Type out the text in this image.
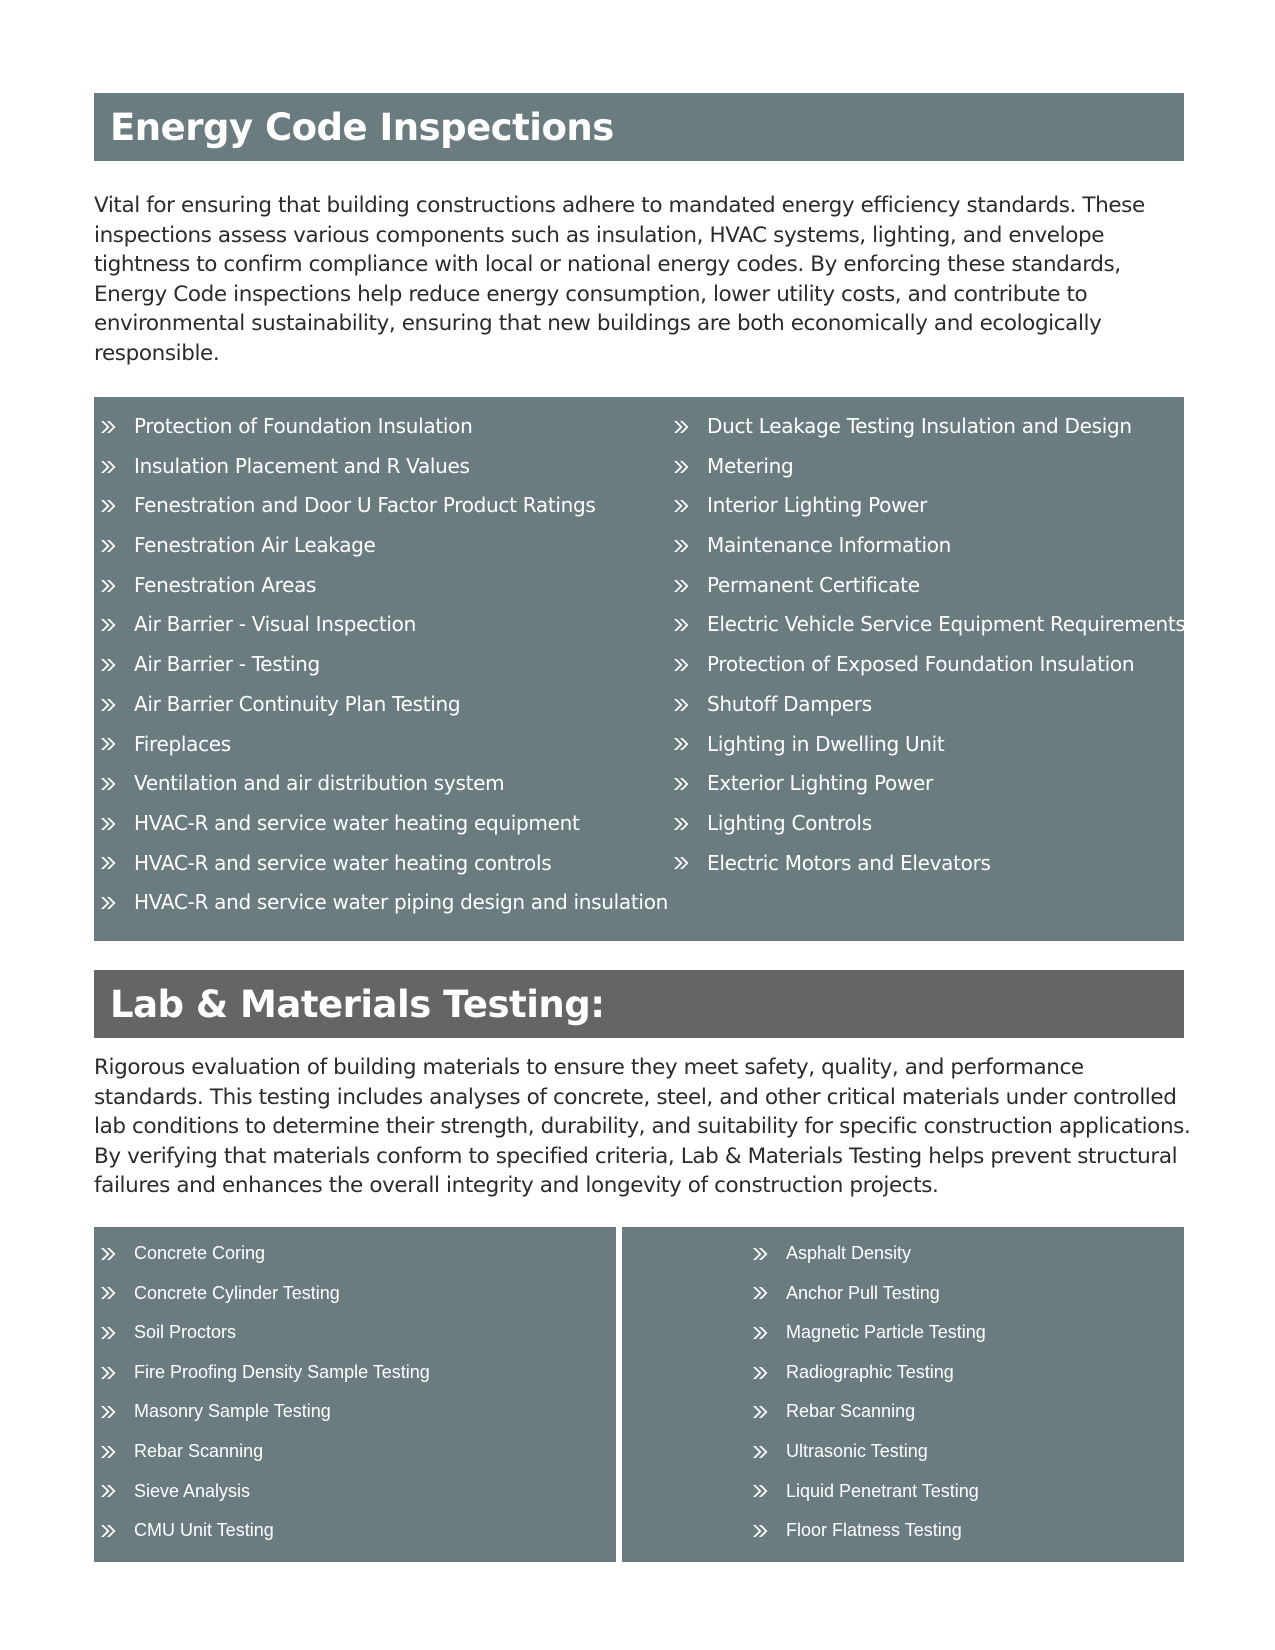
Energy Code Inspections

Vital for ensuring that building constructions adhere to mandated energy efficiency standards. These inspections assess various components such as insulation, HVAC systems, lighting, and envelope tightness to confirm compliance with local or national energy codes. By enforcing these standards, Energy Code inspections help reduce energy consumption, lower utility costs, and contribute to environmental sustainability, ensuring that new buildings are both economically and ecologically responsible.

Protection of Foundation Insulation
Insulation Placement and R Values
Fenestration and Door U Factor Product Ratings
Fenestration Air Leakage
Fenestration Areas
Air Barrier - Visual Inspection
Air Barrier - Testing
Air Barrier Continuity Plan Testing
Fireplaces
Ventilation and air distribution system
HVAC-R and service water heating equipment
HVAC-R and service water heating controls
HVAC-R and service water piping design and insulation
Duct Leakage Testing Insulation and Design
Metering
Interior Lighting Power
Maintenance Information
Permanent Certificate
Electric Vehicle Service Equipment Requirements
Protection of Exposed Foundation Insulation
Shutoff Dampers
Lighting in Dwelling Unit
Exterior Lighting Power
Lighting Controls
Electric Motors and Elevators
Lab & Materials Testing:

Rigorous evaluation of building materials to ensure they meet safety, quality, and performance standards. This testing includes analyses of concrete, steel, and other critical materials under controlled lab conditions to determine their strength, durability, and suitability for specific construction applications. By verifying that materials conform to specified criteria, Lab & Materials Testing helps prevent structural failures and enhances the overall integrity and longevity of construction projects.

Concrete Coring
Concrete Cylinder Testing
Soil Proctors
Fire Proofing Density Sample Testing
Masonry Sample Testing
Rebar Scanning
Sieve Analysis
CMU Unit Testing
Asphalt Density
Anchor Pull Testing
Magnetic Particle Testing
Radiographic Testing
Rebar Scanning
Ultrasonic Testing
Liquid Penetrant Testing
Floor Flatness Testing
